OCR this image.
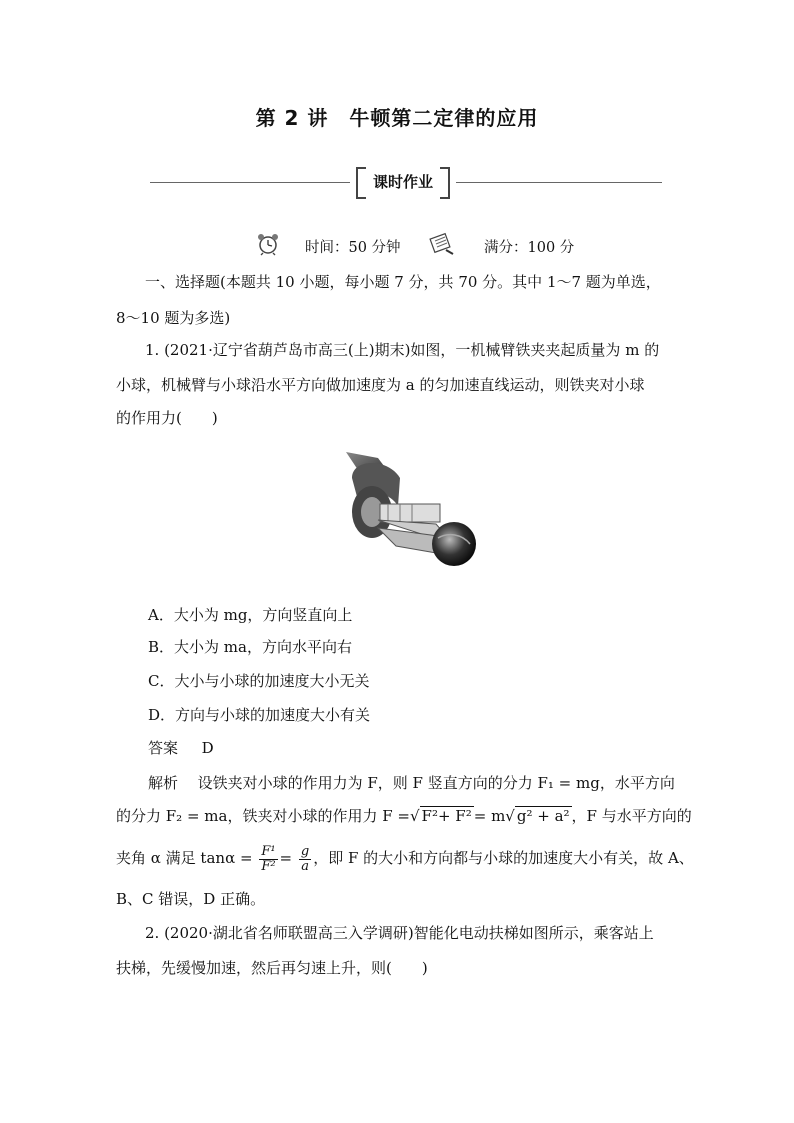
第 2 讲　牛顿第二定律的应用
课时作业
时间：50 分钟	满分：100 分
一、选择题(本题共 10 小题，每小题 7 分，共 70 分。其中 1～7 题为单选，
8～10 题为多选)
1. (2021·辽宁省葫芦岛市高三(上)期末)如图，一机械臂铁夹夹起质量为 m 的
小球，机械臂与小球沿水平方向做加速度为 a 的匀加速直线运动，则铁夹对小球
的作用力(　　)
A．大小为 mg，方向竖直向上
B．大小为 ma，方向水平向右
C．大小与小球的加速度大小无关
D．方向与小球的加速度大小有关
答案 D
解析 设铁夹对小球的作用力为 F，则 F 竖直方向的分力 F₁ = mg，水平方向
的分力 F₂ = ma，铁夹对小球的作用力 F =√ F²+ F² = m√ g² + a² ，F 与水平方向的
夹角 α 满足 $\tan\alpha = \frac{\text{F¹}}{\text{F²}} = \frac{g}{a}$ ，即 F 的大小和方向都与小球的加速度大小有关，故 A、
B、C 错误，D 正确。
2. (2020·湖北省名师联盟高三入学调研)智能化电动扶梯如图所示，乘客站上
扶梯，先缓慢加速，然后再匀速上升，则(　　)
